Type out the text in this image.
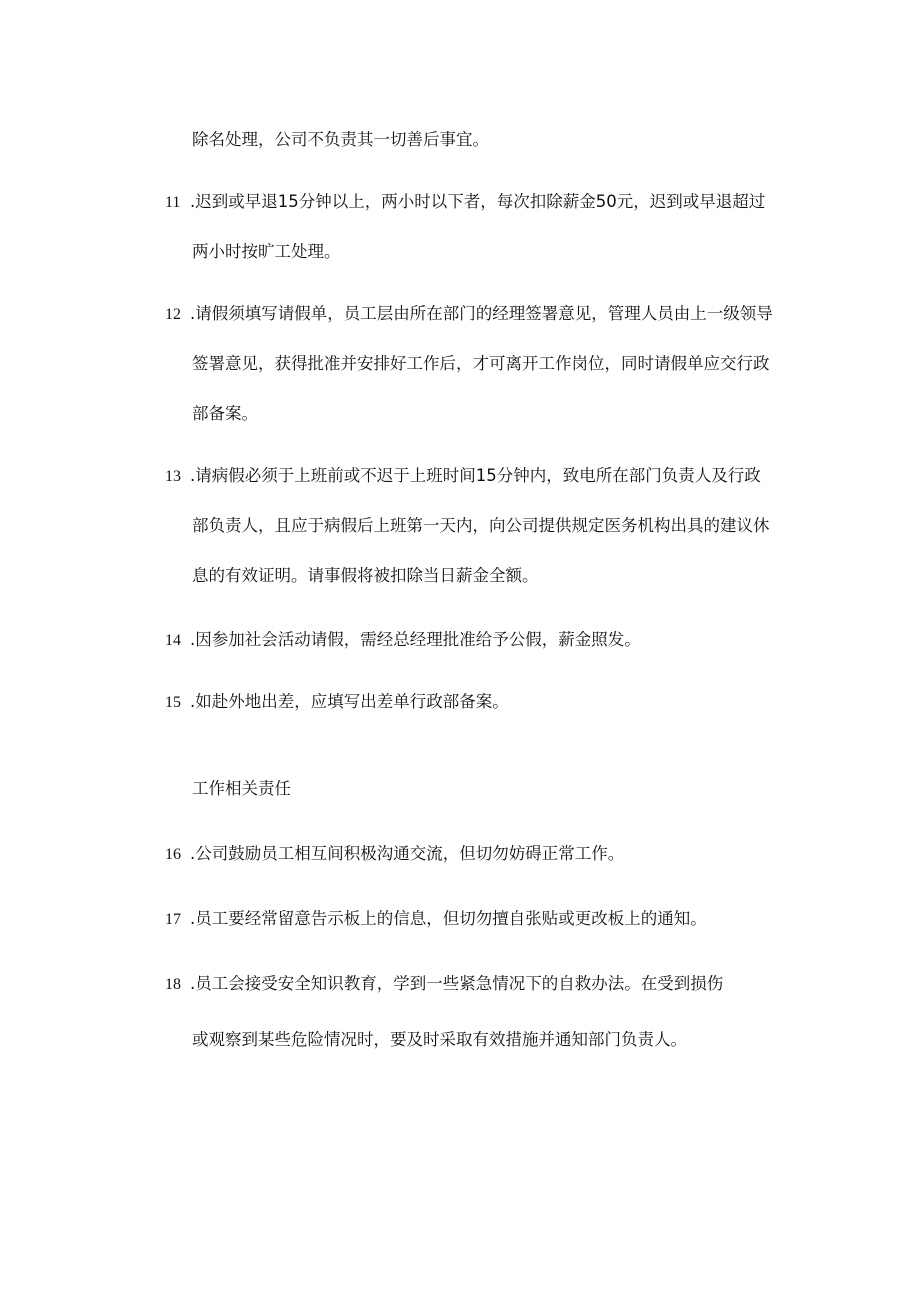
除名处理，公司不负责其一切善后事宜。
11 .迟到或早退15分钟以上，两小时以下者，每次扣除薪金50元，迟到或早退超过
两小时按旷工处理。
12 .请假须填写请假单，员工层由所在部门的经理签署意见，管理人员由上一级领导
签署意见，获得批准并安排好工作后，才可离开工作岗位，同时请假单应交行政
部备案。
13 .请病假必须于上班前或不迟于上班时间15分钟内，致电所在部门负责人及行政
部负责人，且应于病假后上班第一天内，向公司提供规定医务机构出具的建议休
息的有效证明。请事假将被扣除当日薪金全额。
14 .因参加社会活动请假，需经总经理批准给予公假，薪金照发。
15 .如赴外地出差，应填写出差单行政部备案。
工作相关责任
16 .公司鼓励员工相互间积极沟通交流，但切勿妨碍正常工作。
17 .员工要经常留意告示板上的信息，但切勿擅自张贴或更改板上的通知。
18 .员工会接受安全知识教育，学到一些紧急情况下的自救办法。在受到损伤
或观察到某些危险情况时，要及时采取有效措施并通知部门负责人。
